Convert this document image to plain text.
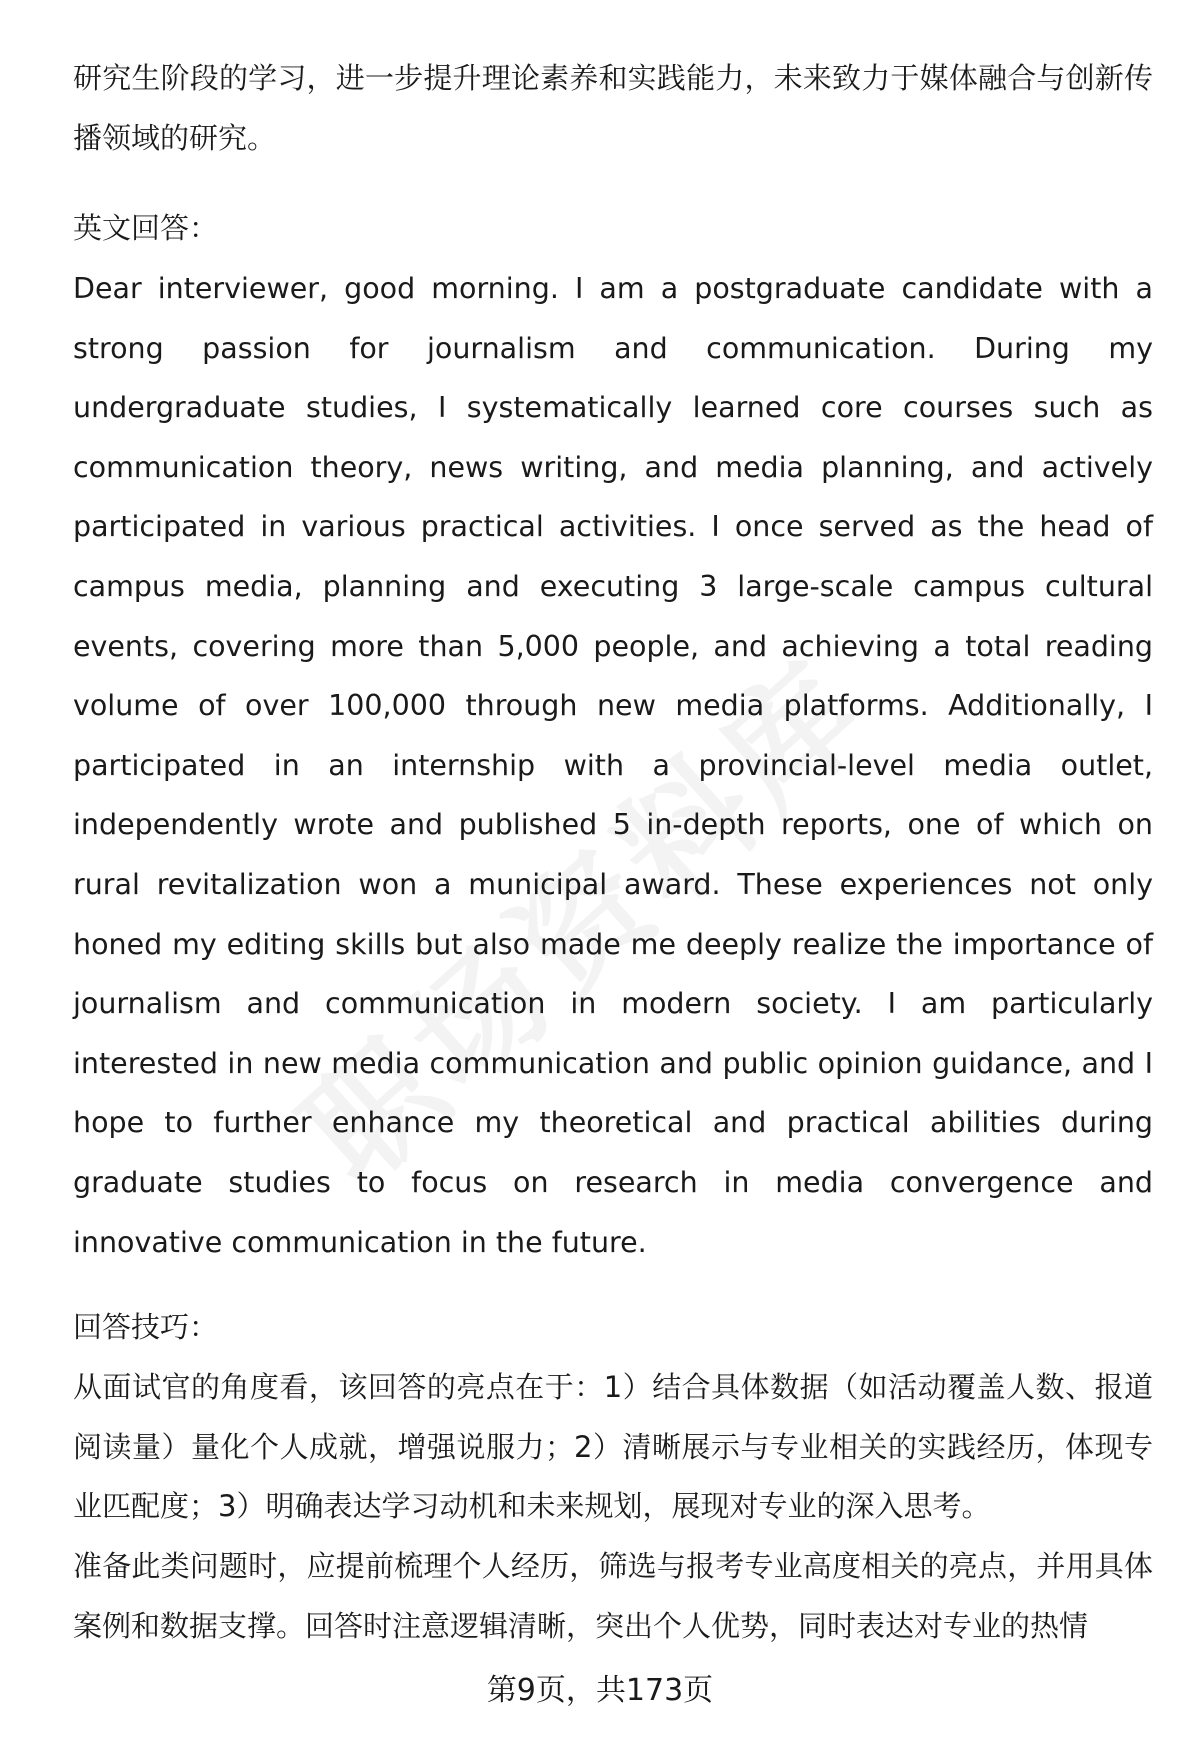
研究生阶段的学习，进一步提升理论素养和实践能力，未来致力于媒体融合与创新传播领域的研究。

英文回答：

Dear interviewer, good morning. I am a postgraduate candidate with a strong passion for journalism and communication. During my undergraduate studies, I systematically learned core courses such as communication theory, news writing, and media planning, and actively participated in various practical activities. I once served as the head of campus media, planning and executing 3 large-scale campus cultural events, covering more than 5,000 people, and achieving a total reading volume of over 100,000 through new media platforms. Additionally, I participated in an internship with a provincial-level media outlet, independently wrote and published 5 in-depth reports, one of which on rural revitalization won a municipal award. These experiences not only honed my editing skills but also made me deeply realize the importance of journalism and communication in modern society. I am particularly interested in new media communication and public opinion guidance, and I hope to further enhance my theoretical and practical abilities during graduate studies to focus on research in media convergence and innovative communication in the future.

回答技巧：

从面试官的角度看，该回答的亮点在于：1）结合具体数据（如活动覆盖人数、报道阅读量）量化个人成就，增强说服力；2）清晰展示与专业相关的实践经历，体现专业匹配度；3）明确表达学习动机和未来规划，展现对专业的深入思考。

准备此类问题时，应提前梳理个人经历，筛选与报考专业高度相关的亮点，并用具体案例和数据支撑。回答时注意逻辑清晰，突出个人优势，同时表达对专业的热情

第9页，共173页
